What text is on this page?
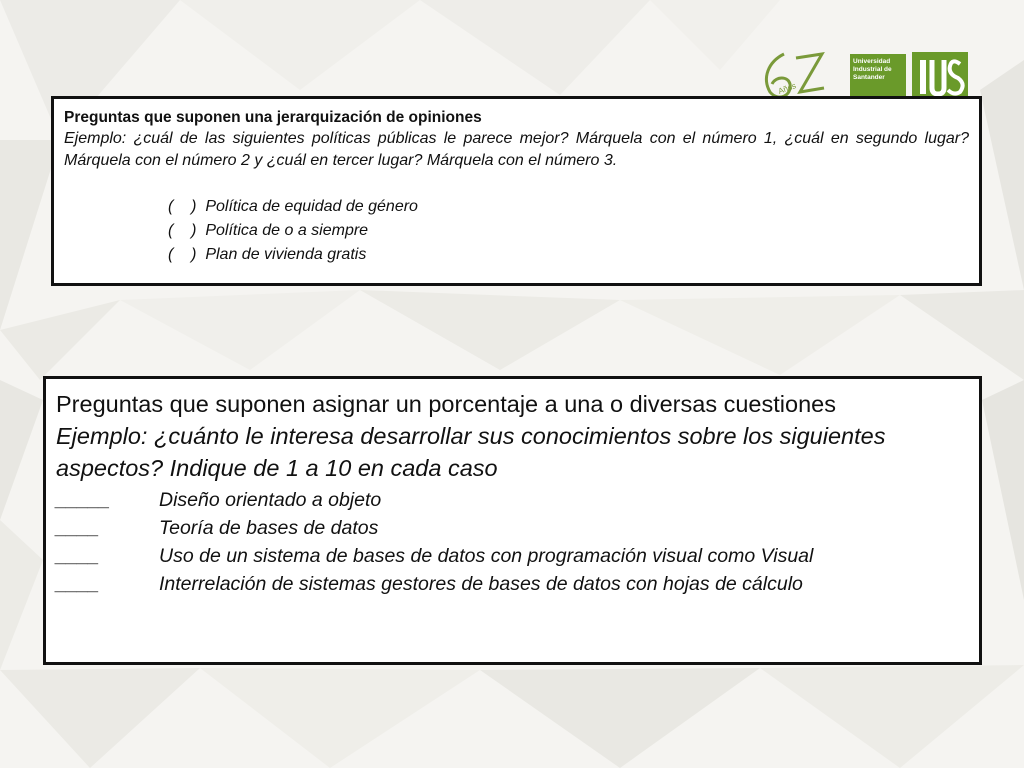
Años
Universidad
Industrial de
Santander
Preguntas que suponen una jerarquización de opiniones
Ejemplo: ¿cuál de las siguientes políticas públicas le parece mejor? Márquela con el número 1, ¿cuál en segundo lugar? Márquela con el número 2 y ¿cuál en tercer lugar? Márquela con el número 3.
(    )  Política de equidad de género
(    )  Política de o a siempre
(    )  Plan de vivienda gratis
Preguntas que suponen asignar un porcentaje a una o diversas cuestiones
Ejemplo: ¿cuánto le interesa desarrollar sus conocimientos sobre los siguientes aspectos? Indique de 1 a 10 en cada caso
_____	Diseño orientado a objeto
____	Teoría de bases de datos
____	Uso de un sistema de bases de datos con programación visual como Visual
____	Interrelación de sistemas gestores de bases de datos con hojas de cálculo
